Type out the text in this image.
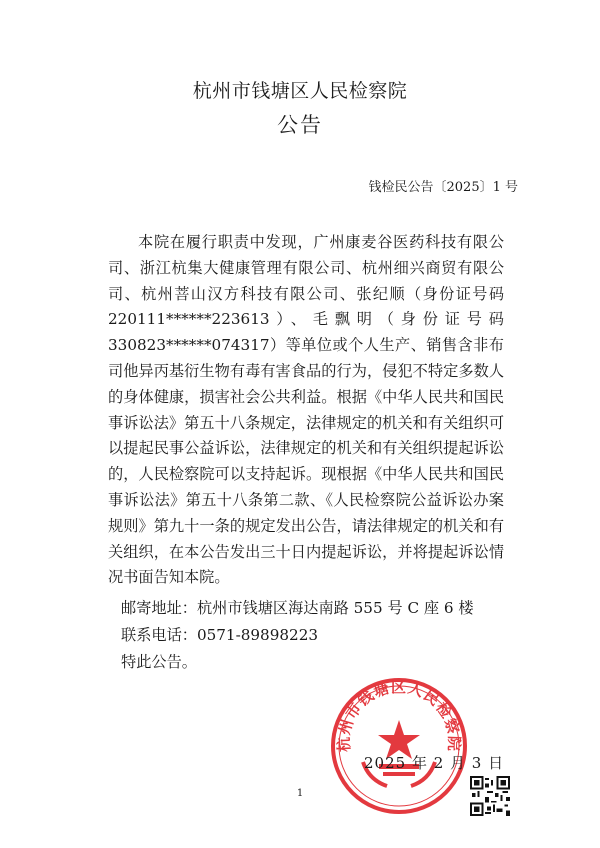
杭州市钱塘区人民检察院
公告
钱检民公告〔2025〕1 号

本院在履行职责中发现，广州康麦谷医药科技有限公司、浙江杭集大健康管理有限公司、杭州细兴商贸有限公司、杭州菩山汉方科技有限公司、张纪顺（身份证号码220111******223613）、毛飘明（身份证号码330823******074317）等单位或个人生产、销售含非布司他异丙基衍生物有毒有害食品的行为，侵犯不特定多数人的身体健康，损害社会公共利益。根据《中华人民共和国民事诉讼法》第五十八条规定，法律规定的机关和有关组织可以提起民事公益诉讼，法律规定的机关和有关组织提起诉讼的，人民检察院可以支持起诉。现根据《中华人民共和国民事诉讼法》第五十八条第二款、《人民检察院公益诉讼办案规则》第九十一条的规定发出公告，请法律规定的机关和有关组织，在本公告发出三十日内提起诉讼，并将提起诉讼情况书面告知本院。

邮寄地址：杭州市钱塘区海达南路 555 号 C 座 6 楼
联系电话：0571-89898223
特此公告。
杭州市钱塘区人民检察院
2025 年 2 月 3 日
1
